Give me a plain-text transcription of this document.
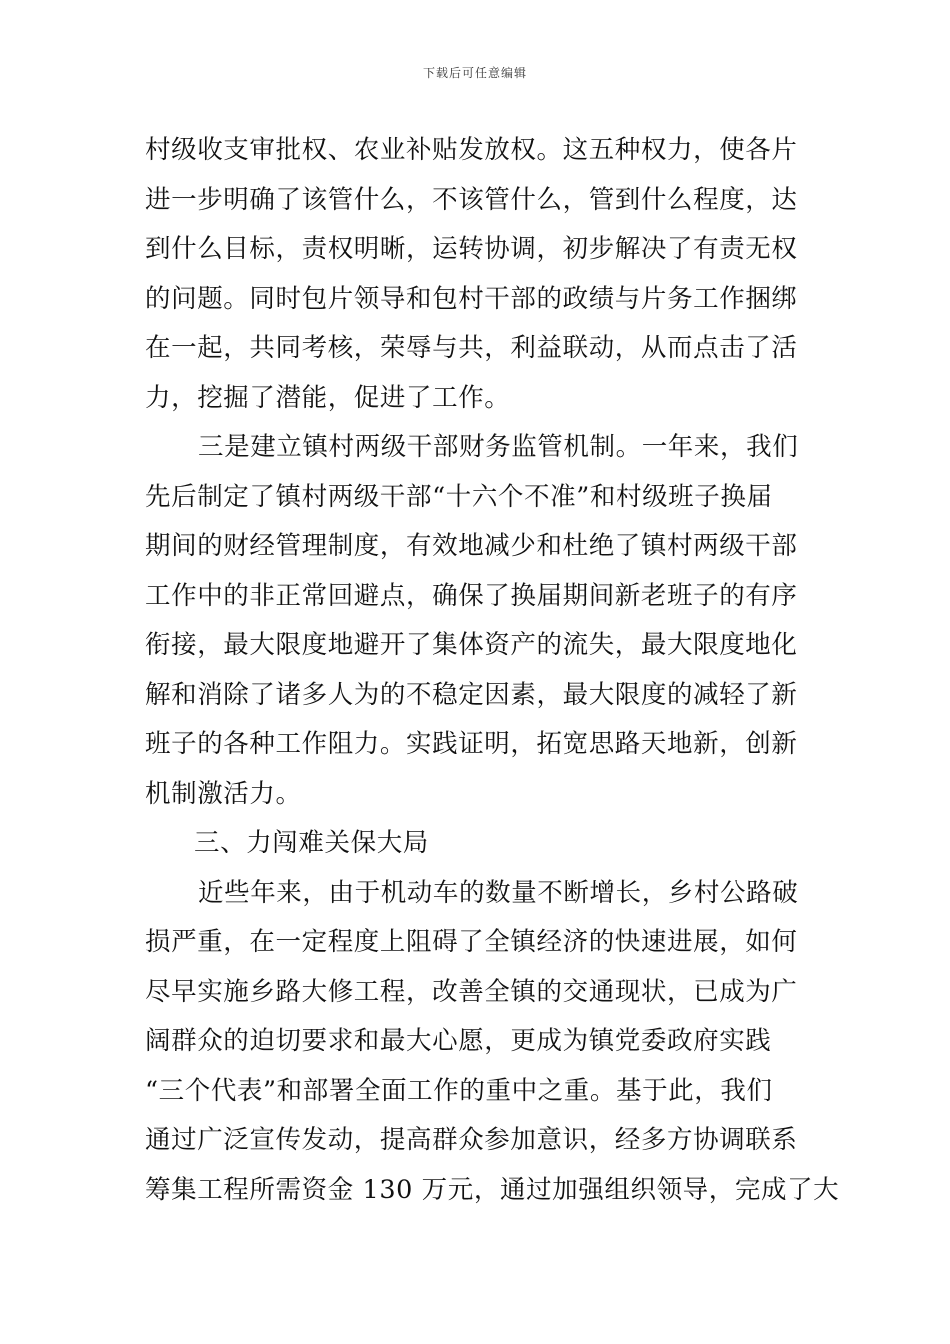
下载后可任意编辑
村级收支审批权、农业补贴发放权。这五种权力，使各片
进一步明确了该管什么，不该管什么，管到什么程度，达
到什么目标，责权明晰，运转协调，初步解决了有责无权
的问题。同时包片领导和包村干部的政绩与片务工作捆绑
在一起，共同考核，荣辱与共，利益联动，从而点击了活
力，挖掘了潜能，促进了工作。
三是建立镇村两级干部财务监管机制。一年来，我们
先后制定了镇村两级干部“十六个不准”和村级班子换届
期间的财经管理制度，有效地减少和杜绝了镇村两级干部
工作中的非正常回避点，确保了换届期间新老班子的有序
衔接，最大限度地避开了集体资产的流失，最大限度地化
解和消除了诸多人为的不稳定因素，最大限度的减轻了新
班子的各种工作阻力。实践证明，拓宽思路天地新，创新
机制激活力。
三、力闯难关保大局
近些年来，由于机动车的数量不断增长，乡村公路破
损严重，在一定程度上阻碍了全镇经济的快速进展，如何
尽早实施乡路大修工程，改善全镇的交通现状，已成为广
阔群众的迫切要求和最大心愿，更成为镇党委政府实践
“三个代表”和部署全面工作的重中之重。基于此，我们
通过广泛宣传发动，提高群众参加意识，经多方协调联系
筹集工程所需资金 130 万元，通过加强组织领导，完成了大
